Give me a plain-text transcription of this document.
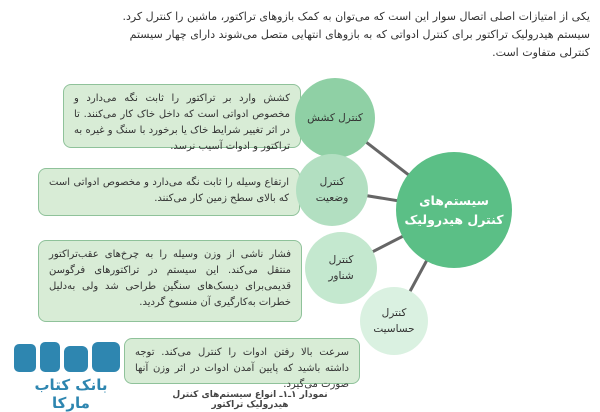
یکی از امتیازات اصلی اتصال سوار این است که می‌توان به کمک بازوهای تراکتور، ماشین را کنترل کرد.
سیستم هیدرولیک تراکتور برای کنترل ادواتی که به بازوهای انتهایی متصل می‌شوند دارای چهار سیستم
کنترلی متفاوت است.
کشش وارد بر تراکتور را ثابت نگه می‌دارد و مخصوص ادواتی است که داخل خاک کار می‌کنند. تا در اثر تغییر شرایط خاک یا برخورد با سنگ و غیره به تراکتور و ادوات آسیب نرسد.
ارتفاع وسیله را ثابت نگه می‌دارد و مخصوص ادواتی است که بالای سطح زمین کار می‌کنند.
فشار ناشی از وزن وسیله را به چرخ‌های عقب‌تراکتور منتقل می‌کند. این سیستم در تراکتورهای فرگوسن قدیمی‌برای دیسک‌های سنگین طراحی شد ولی به‌دلیل خطرات به‌کارگیری آن منسوخ گردید.
سرعت بالا رفتن ادوات را کنترل می‌کند. توجه داشته باشید که پایین آمدن ادوات در اثر وزن آنها صورت می‌گیرد.
کنترل کشش
کنترل
وضعیت
کنترل
شناور
کنترل
حساسیت
سیستم‌های
کنترل هیدرولیک
بانک کتاب مارکا	نمودار ۱ـ۱ـ انواع سیستم‌های کنترل هیدرولیک تراکتور
